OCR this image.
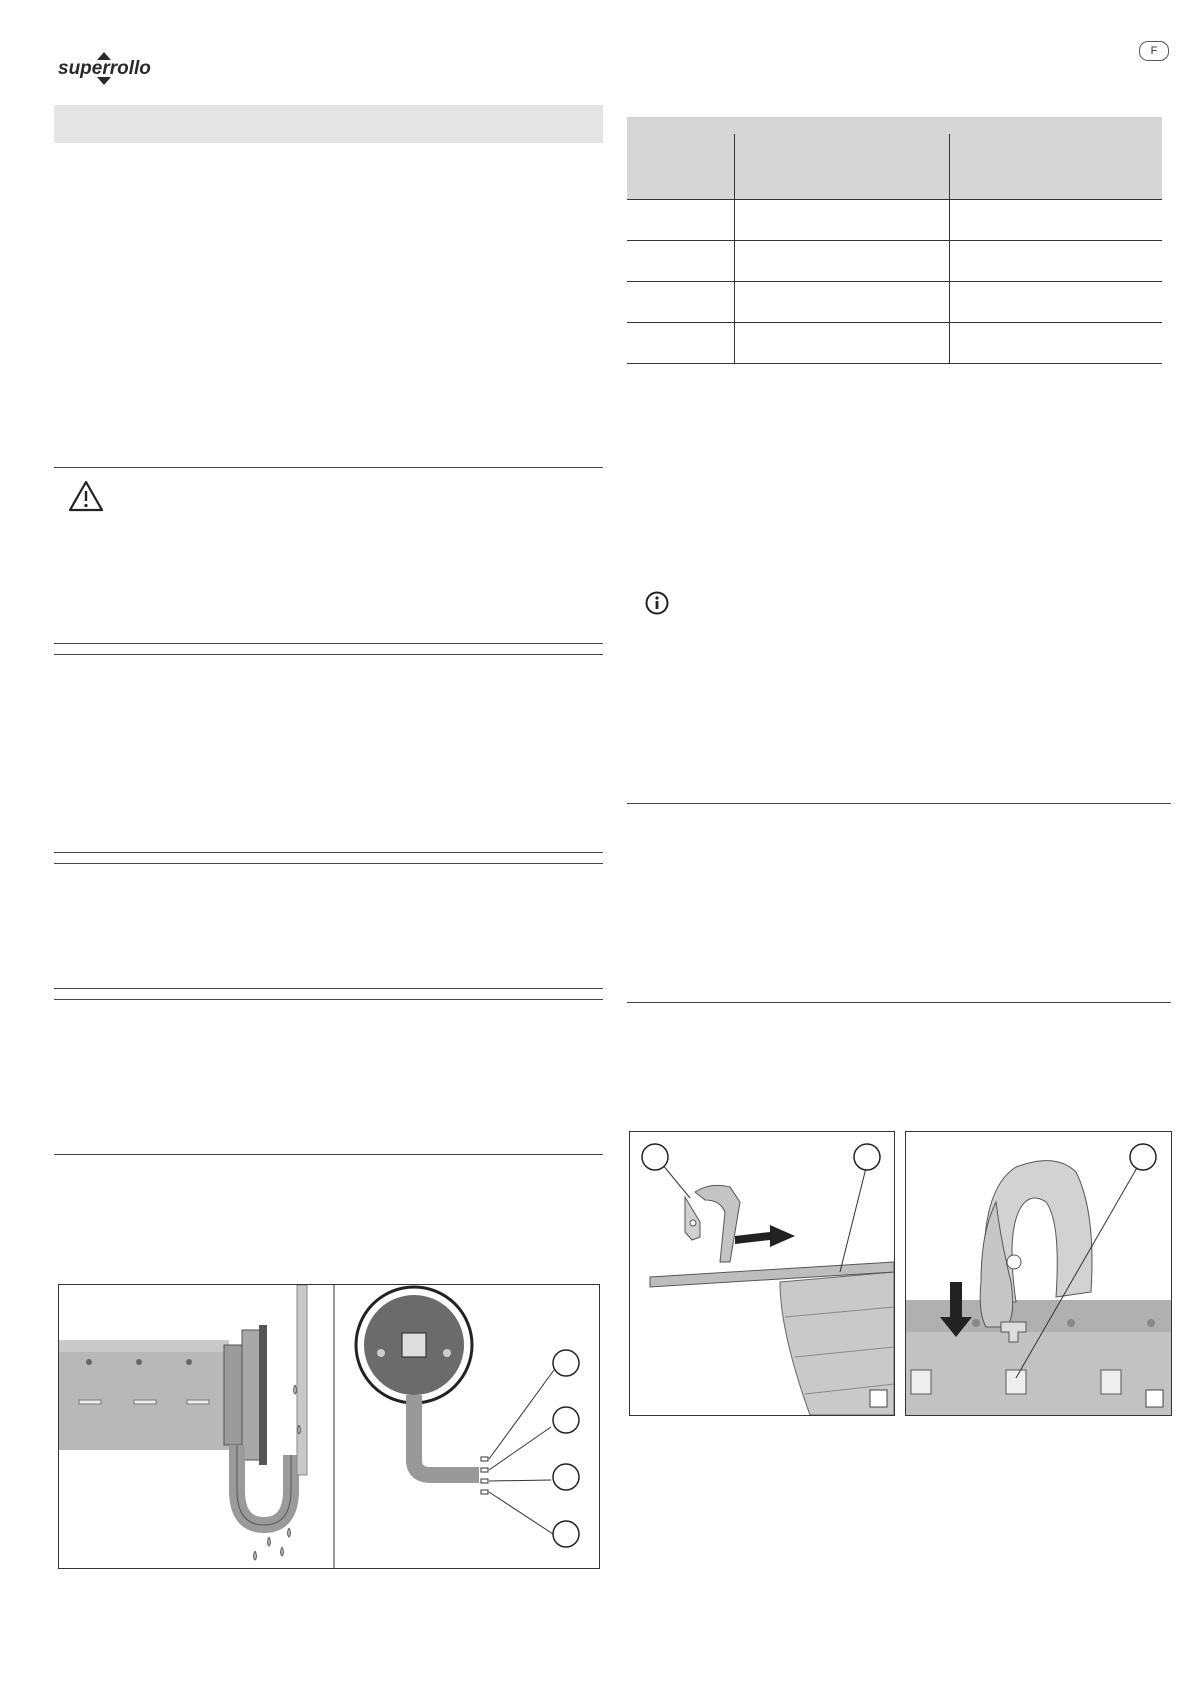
superrollo
F
